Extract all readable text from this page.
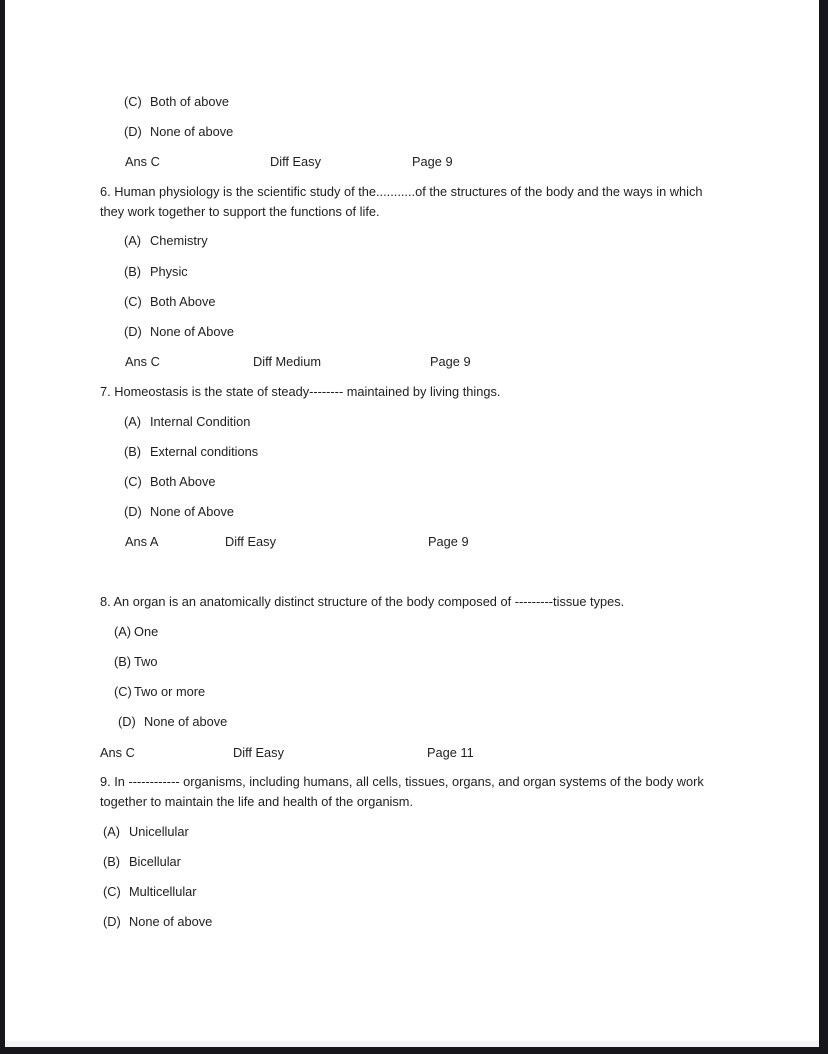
(C) Both of above
(D) None of above
Ans C	Diff Easy	Page 9
6. Human physiology is the scientific study of the...........of the structures of the body and the ways in which they work together to support the functions of life.
(A) Chemistry
(B) Physic
(C) Both Above
(D) None of Above
Ans C	Diff Medium	Page 9
7. Homeostasis is the state of steady-------- maintained by living things.
(A) Internal Condition
(B) External conditions
(C) Both Above
(D) None of Above
Ans A	Diff Easy	Page 9
8. An organ is an anatomically distinct structure of the body composed of ---------tissue types.
(A) One
(B) Two
(C) Two or more
(D) None of above
Ans C	Diff Easy	Page 11
9. In ------------ organisms, including humans, all cells, tissues, organs, and organ systems of the body work together to maintain the life and health of the organism.
(A) Unicellular
(B) Bicellular
(C) Multicellular
(D) None of above
